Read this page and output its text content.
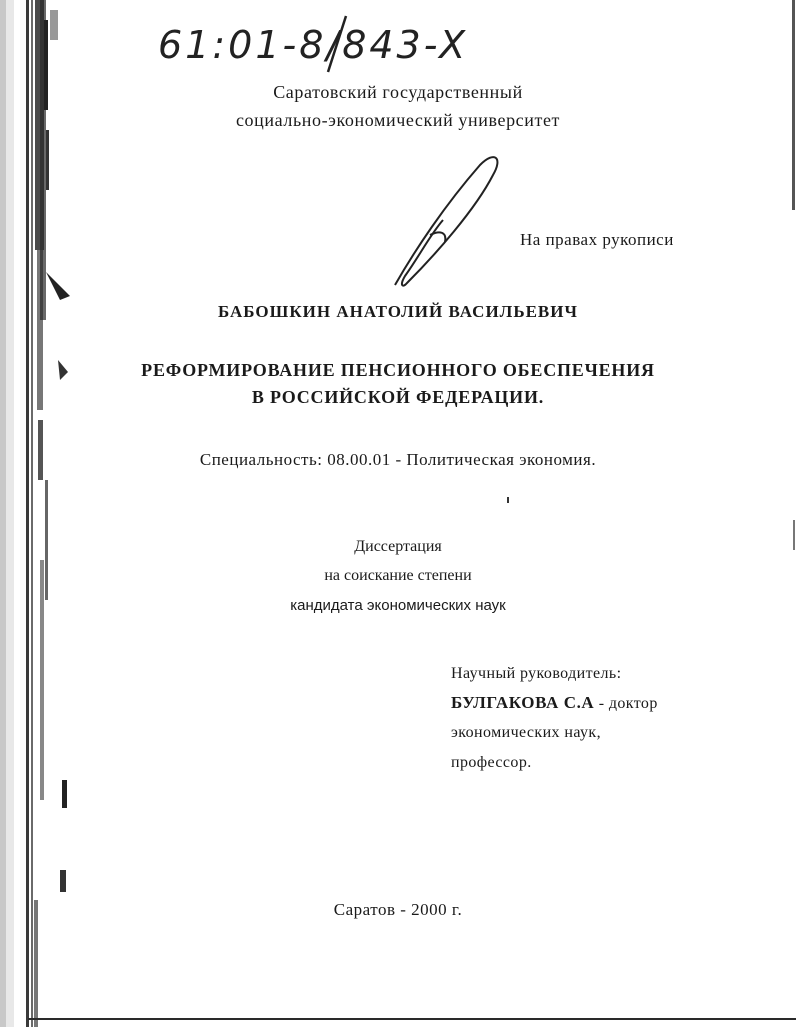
61:01-8/843-X
Саратовский государственный
социально-экономический университет
На правах рукописи
БАБОШКИН АНАТОЛИЙ ВАСИЛЬЕВИЧ
РЕФОРМИРОВАНИЕ ПЕНСИОННОГО ОБЕСПЕЧЕНИЯ
В РОССИЙСКОЙ ФЕДЕРАЦИИ.
Специальность: 08.00.01 - Политическая экономия.
Диссертация
на соискание степени
кандидата экономических наук
Научный руководитель:
БУЛГАКОВА С.А - доктор
экономических наук,
профессор.
Саратов - 2000 г.
